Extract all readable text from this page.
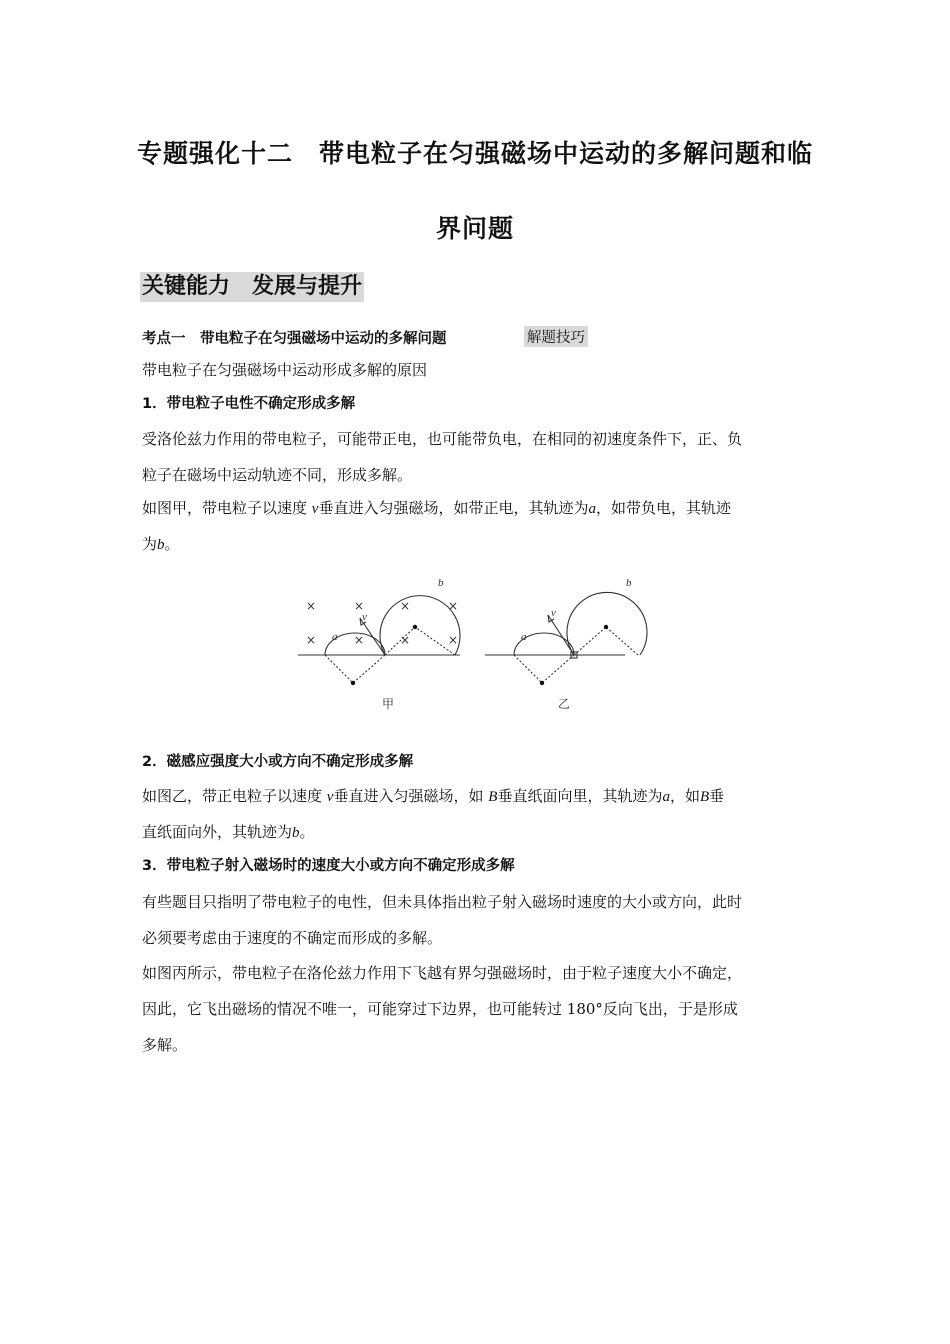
专题强化十二　带电粒子在匀强磁场中运动的多解问题和临
界问题
关键能力　发展与提升
考点一　带电粒子在匀强磁场中运动的多解问题	解题技巧
带电粒子在匀强磁场中运动形成多解的原因
1．带电粒子电性不确定形成多解
受洛伦兹力作用的带电粒子，可能带正电，也可能带负电，在相同的初速度条件下，正、负
粒子在磁场中运动轨迹不同，形成多解。
如图甲，带电粒子以速度 v垂直进入匀强磁场，如带正电，其轨迹为a，如带负电，其轨迹
为b。
×	×	×	×
×	×	×	×
a
b
v
甲
a
b
v
乙
2．磁感应强度大小或方向不确定形成多解
如图乙，带正电粒子以速度 v垂直进入匀强磁场，如 B垂直纸面向里，其轨迹为a，如B垂
直纸面向外，其轨迹为b。
3．带电粒子射入磁场时的速度大小或方向不确定形成多解
有些题目只指明了带电粒子的电性，但未具体指出粒子射入磁场时速度的大小或方向，此时
必须要考虑由于速度的不确定而形成的多解。
如图丙所示，带电粒子在洛伦兹力作用下飞越有界匀强磁场时，由于粒子速度大小不确定，
因此，它飞出磁场的情况不唯一，可能穿过下边界，也可能转过 180°反向飞出，于是形成
多解。
